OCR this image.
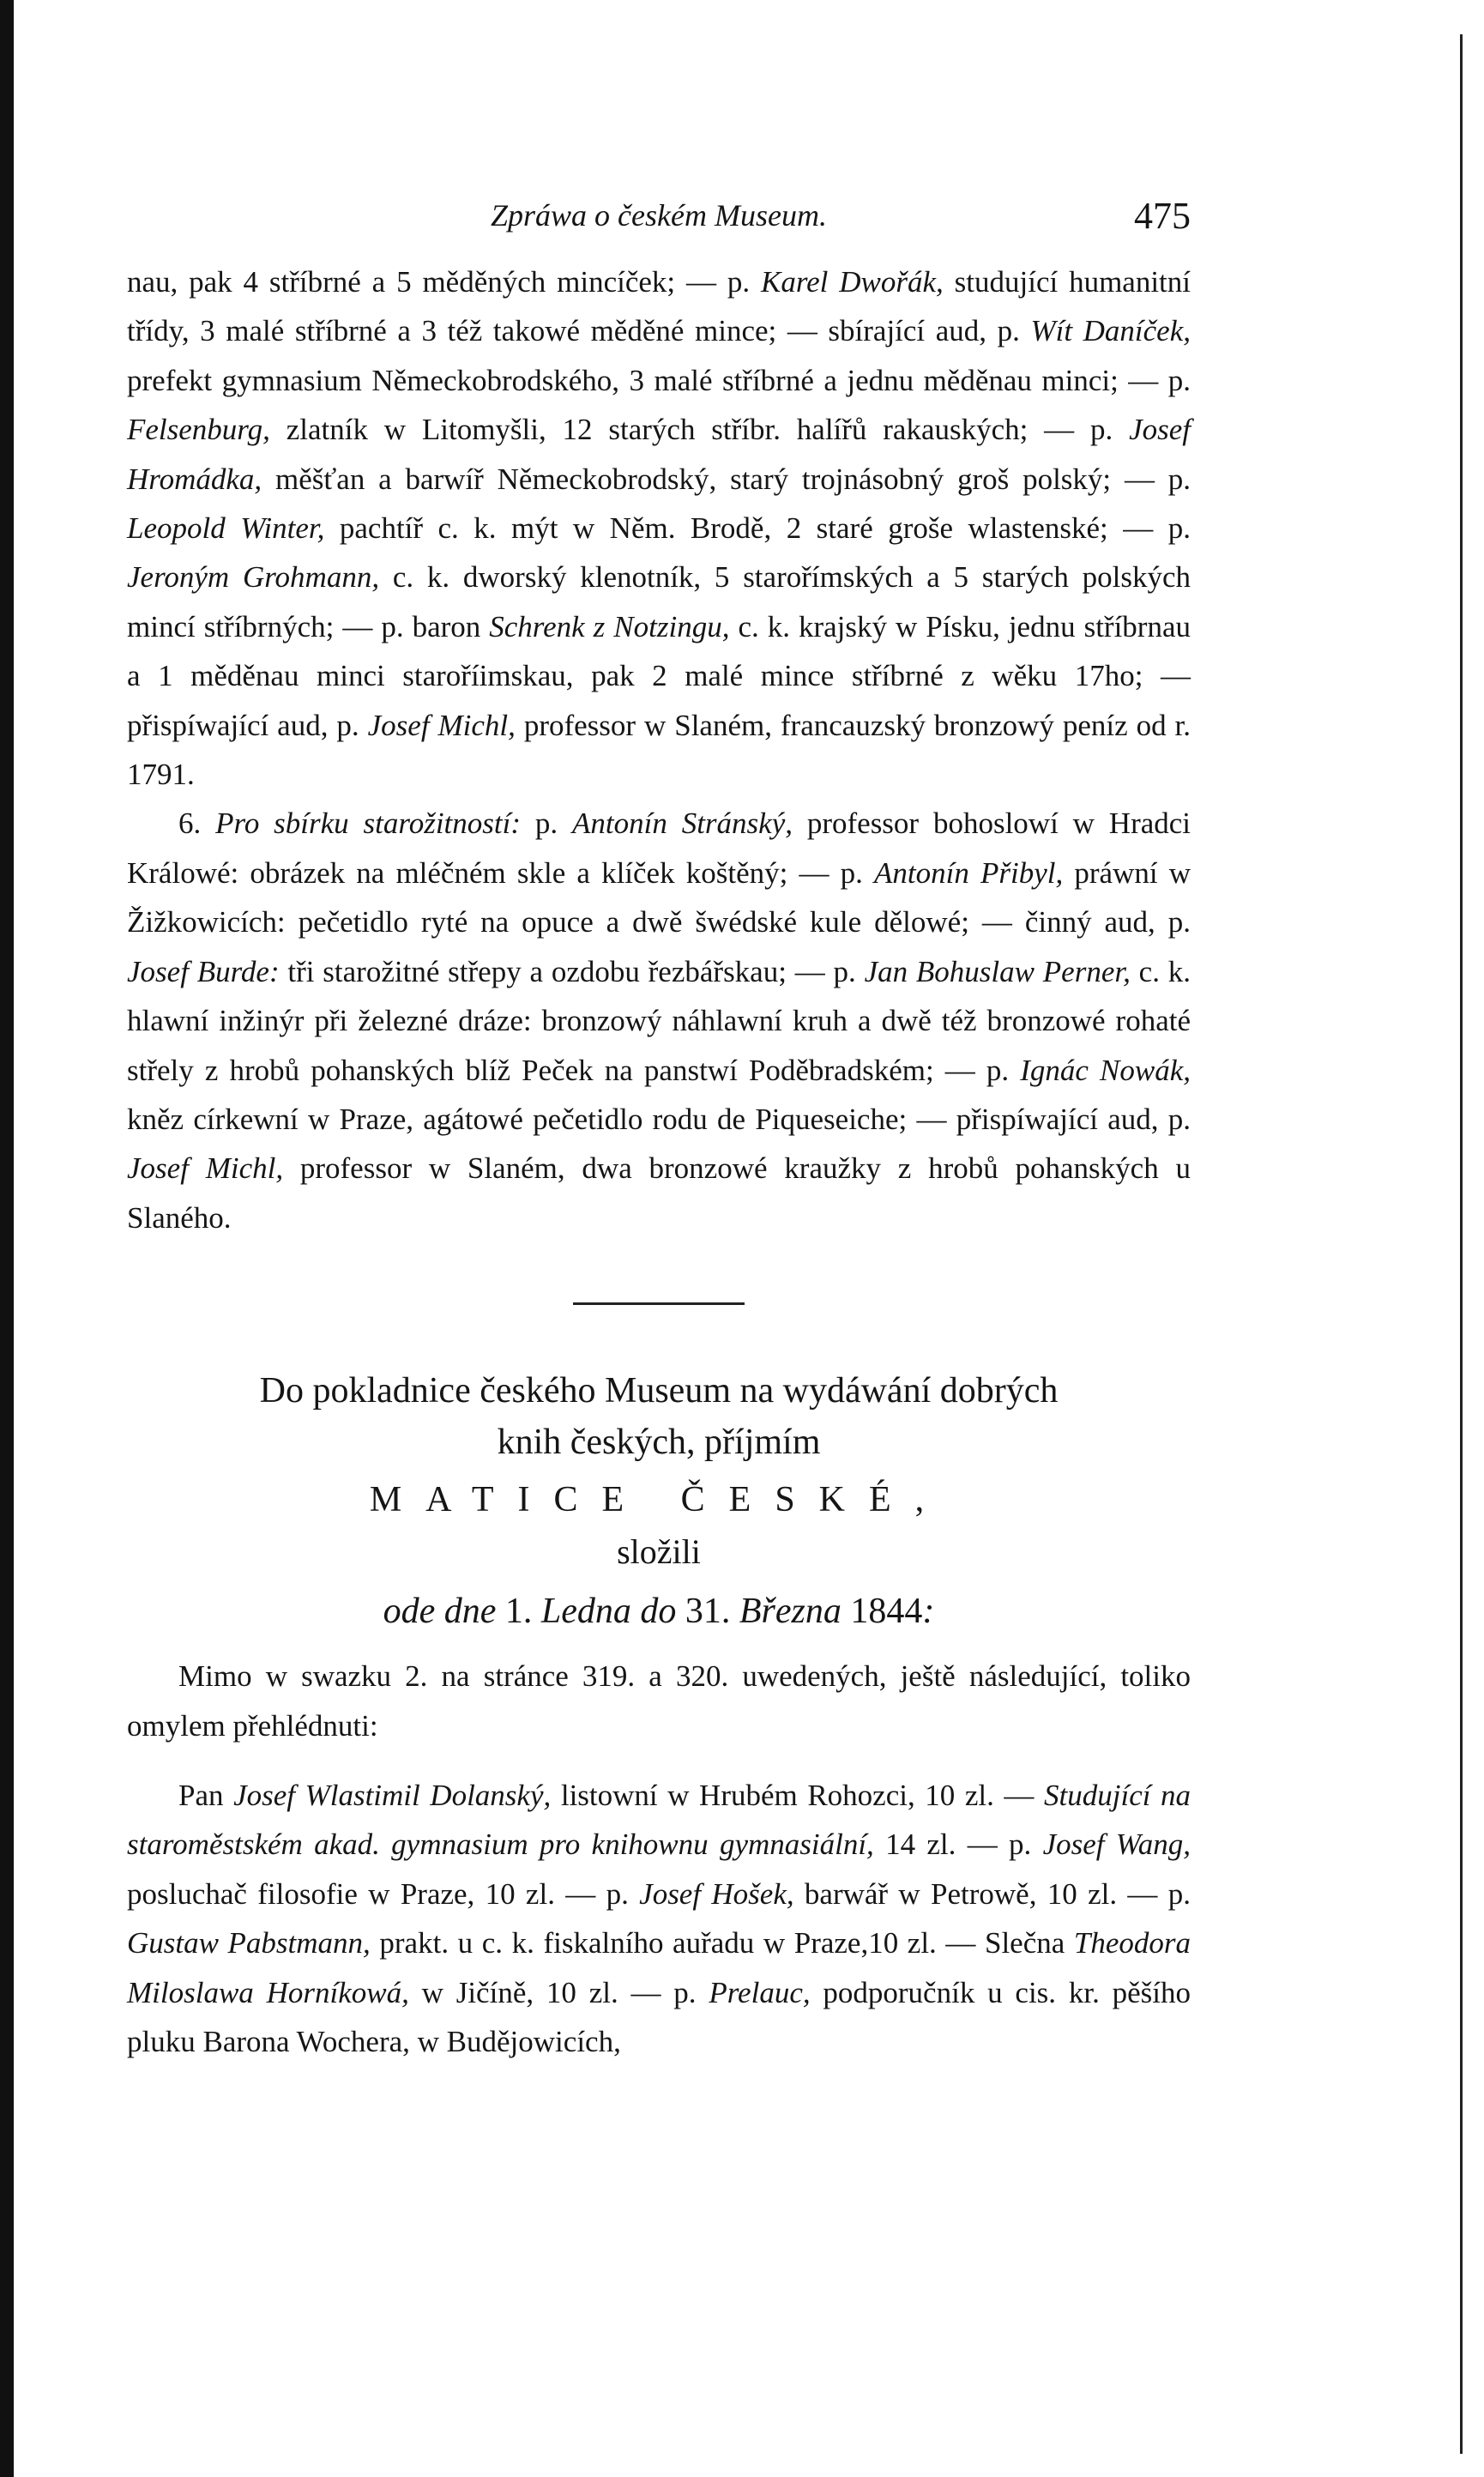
Zpráwa o českém Museum.	475

nau, pak 4 stříbrné a 5 měděných mincíček; — p. Karel Dwořák, studující humanitní třídy, 3 malé stříbrné a 3 též takowé měděné mince; — sbírající aud, p. Wít Daníček, prefekt gymnasium Německobrodského, 3 malé stříbrné a jednu měděnau minci; — p. Felsenburg, zlatník w Litomyšli, 12 starých stříbr. halířů rakauských; — p. Josef Hromádka, měšťan a barwíř Německobrodský, starý trojnásobný groš polský; — p. Leopold Winter, pachtíř c. k. mýt w Něm. Brodě, 2 staré groše wlastenské; — p. Jeroným Grohmann, c. k. dworský klenotník, 5 starořímských a 5 starých polských mincí stříbrných; — p. baron Schrenk z Notzingu, c. k. krajský w Písku, jednu stříbrnau a 1 měděnau minci staroříimskau, pak 2 malé mince stříbrné z wěku 17ho; — přispíwající aud, p. Josef Michl, professor w Slaném, francauzský bronzowý peníz od r. 1791.

6. Pro sbírku starožitností: p. Antonín Stránský, professor bohoslowí w Hradci Králowé: obrázek na mléčném skle a klíček koštěný; — p. Antonín Přibyl, práwní w Žižkowicích: pečetidlo ryté na opuce a dwě šwédské kule dělowé; — činný aud, p. Josef Burde: tři starožitné střepy a ozdobu řezbářskau; — p. Jan Bohuslaw Perner, c. k. hlawní inžinýr při železné dráze: bronzowý náhlawní kruh a dwě též bronzowé rohaté střely z hrobů pohanských blíž Peček na panstwí Poděbradském; — p. Ignác Nowák, kněz církewní w Praze, agátowé pečetidlo rodu de Piqueseiche; — přispíwající aud, p. Josef Michl, professor w Slaném, dwa bronzowé kraužky z hrobů pohanských u Slaného.

Do pokladnice českého Museum na wydáwání dobrých
knih českých, příjmím
MATICE ČESKÉ,
složili
ode dne 1. Ledna do 31. Března 1844:

Mimo w swazku 2. na stránce 319. a 320. uwedených, ještě následující, toliko omylem přehlédnuti:

Pan Josef Wlastimil Dolanský, listowní w Hrubém Rohozci, 10 zl. — Studující na staroměstském akad. gymnasium pro knihownu gymnasiální, 14 zl. — p. Josef Wang, posluchač filosofie w Praze, 10 zl. — p. Josef Hošek, barwář w Petrowě, 10 zl. — p. Gustaw Pabstmann, prakt. u c. k. fiskalního auřadu w Praze,10 zl. — Slečna Theodora Miloslawa Horníkowá, w Jičíně, 10 zl. — p. Prelauc, podporučník u cis. kr. pěšího pluku Barona Wochera, w Budějowicích,
